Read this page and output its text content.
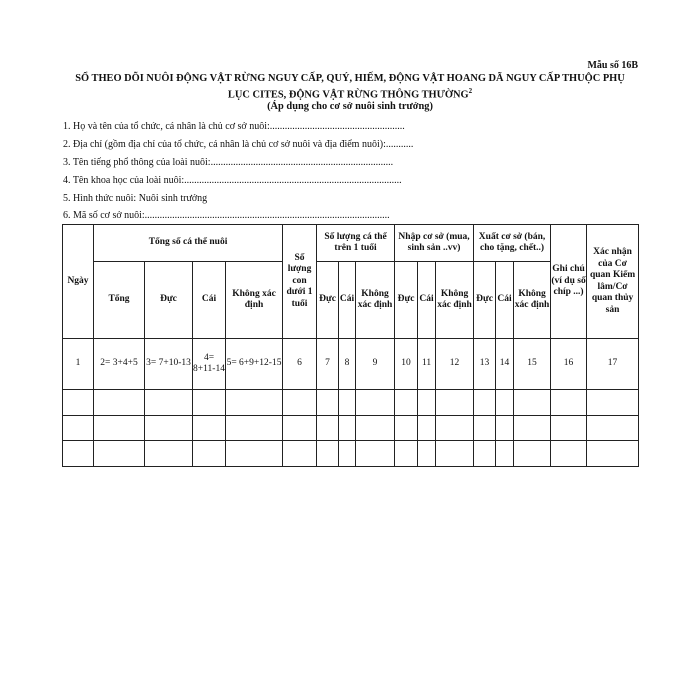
Mẫu số 16B
SỔ THEO DÕI NUÔI ĐỘNG VẬT RỪNG NGUY CẤP, QUÝ, HIẾM, ĐỘNG VẬT HOANG DÃ NGUY CẤP THUỘC PHỤ
LỤC CITES, ĐỘNG VẬT RỪNG THÔNG THƯỜNG$^2$
(Áp dụng cho cơ sở nuôi sinh trưởng)
1. Họ và tên của tổ chức, cá nhân là chủ cơ sở nuôi:......................................................
2. Địa chỉ (gồm địa chỉ của tổ chức, cá nhân là chủ cơ sở nuôi và địa điểm nuôi):...........
3. Tên tiếng phổ thông của loài nuôi:.........................................................................
4. Tên khoa học của loài nuôi:.......................................................................................
5. Hình thức nuôi: Nuôi sinh trưởng
6. Mã số cơ sở nuôi:..................................................................................................
Ngày	Tổng số cá thể nuôi				Số lượng con dưới 1 tuổi	Số lượng cá thể trên 1 tuổi			Nhập cơ sở (mua, sinh sản ..vv)			Xuất cơ sở (bán, cho tặng, chết..)			Ghi chú (ví dụ số chíp ...)	Xác nhận của Cơ quan Kiểm lâm/Cơ quan thủy sản
	Tổng	Đực	Cái	Không xác định		Đực	Cái	Không xác định	Đực	Cái	Không xác định	Đực	Cái	Không xác định		
1	2= 3+4+5	3= 7+10-13	4= 8+11-14	5= 6+9+12-15	6	7	8	9	10	11	12	13	14	15	16	17
